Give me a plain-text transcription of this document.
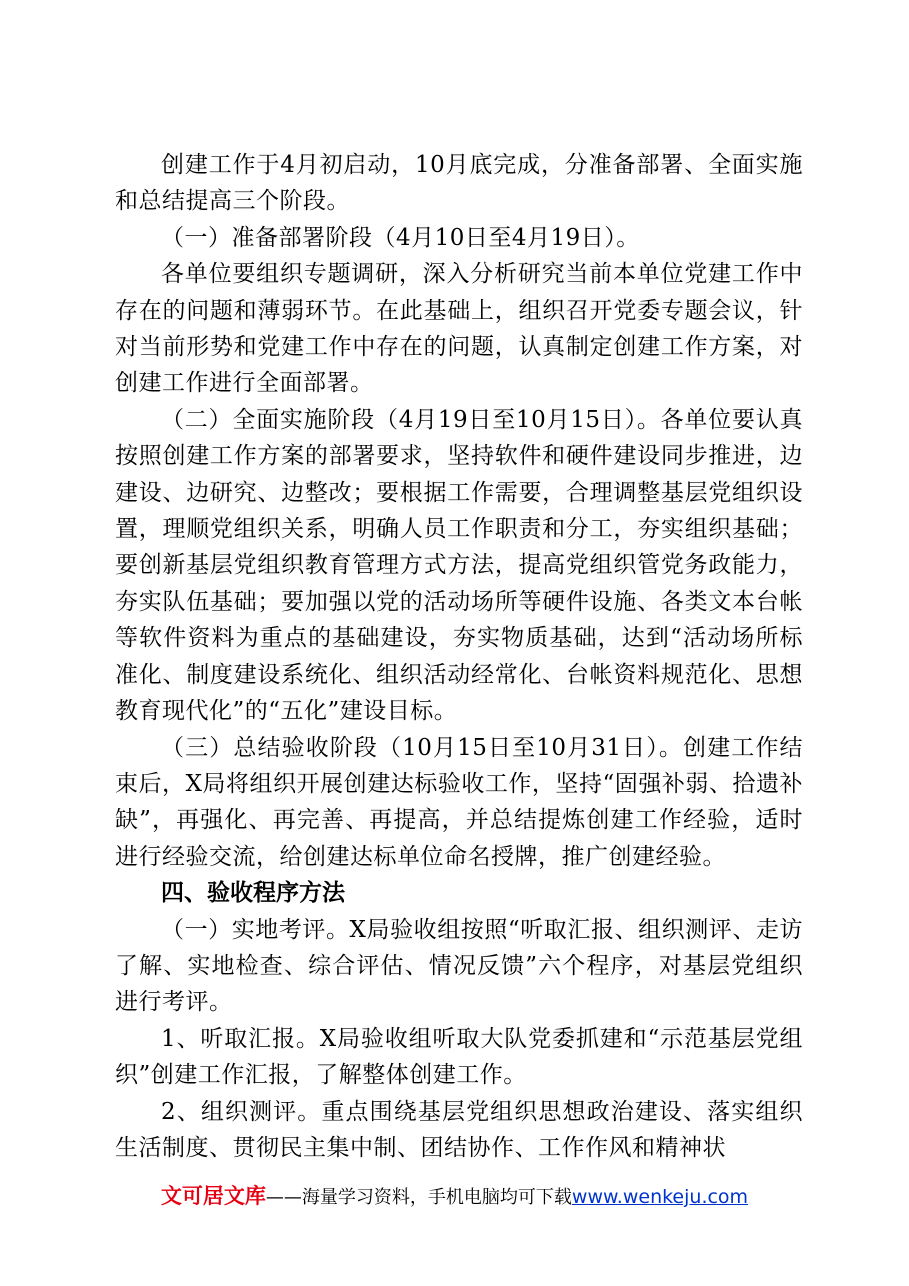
创建工作于4月初启动，10月底完成，分准备部署、全面实施和总结提高三个阶段。

（一）准备部署阶段（4月10日至4月19日）。

各单位要组织专题调研，深入分析研究当前本单位党建工作中存在的问题和薄弱环节。在此基础上，组织召开党委专题会议，针对当前形势和党建工作中存在的问题，认真制定创建工作方案，对创建工作进行全面部署。

（二）全面实施阶段（4月19日至10月15日）。各单位要认真按照创建工作方案的部署要求，坚持软件和硬件建设同步推进，边建设、边研究、边整改；要根据工作需要，合理调整基层党组织设置，理顺党组织关系，明确人员工作职责和分工，夯实组织基础；要创新基层党组织教育管理方式方法，提高党组织管党务政能力，夯实队伍基础；要加强以党的活动场所等硬件设施、各类文本台帐等软件资料为重点的基础建设，夯实物质基础，达到“活动场所标准化、制度建设系统化、组织活动经常化、台帐资料规范化、思想教育现代化”的“五化”建设目标。

（三）总结验收阶段（10月15日至10月31日）。创建工作结束后，X局将组织开展创建达标验收工作，坚持“固强补弱、拾遗补缺”，再强化、再完善、再提高，并总结提炼创建工作经验，适时进行经验交流，给创建达标单位命名授牌，推广创建经验。

四、验收程序方法

（一）实地考评。X局验收组按照“听取汇报、组织测评、走访了解、实地检查、综合评估、情况反馈”六个程序，对基层党组织进行考评。

1、听取汇报。X局验收组听取大队党委抓建和“示范基层党组织”创建工作汇报，了解整体创建工作。

2、组织测评。重点围绕基层党组织思想政治建设、落实组织生活制度、贯彻民主集中制、团结协作、工作作风和精神状

文可居文库——海量学习资料，手机电脑均可下载www.wenkeju.com
